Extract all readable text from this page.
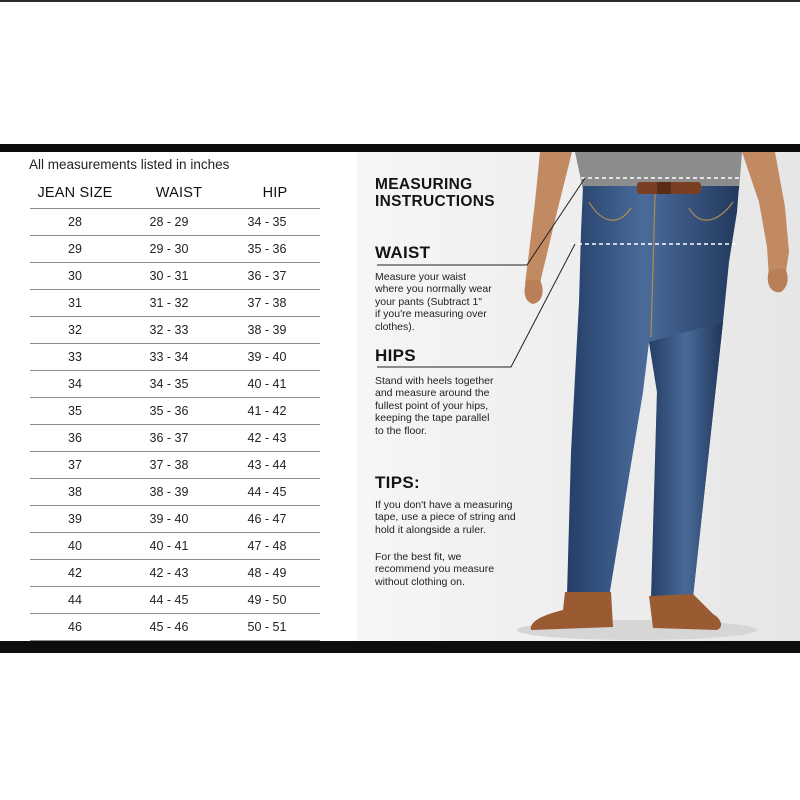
All measurements listed in inches
JEAN SIZE	WAIST	HIP
28	28 - 29	34 - 35
29	29 - 30	35 - 36
30	30 - 31	36 - 37
31	31 - 32	37 - 38
32	32 - 33	38 - 39
33	33 - 34	39 - 40
34	34 - 35	40 - 41
35	35 - 36	41 - 42
36	36 - 37	42 - 43
37	37 - 38	43 - 44
38	38 - 39	44 - 45
39	39 - 40	46 - 47
40	40 - 41	47 - 48
42	42 - 43	48 - 49
44	44 - 45	49 - 50
46	45 - 46	50 - 51
MEASURING
INSTRUCTIONS
WAIST
Measure your waist
where you normally wear
your pants (Subtract 1"
if you're measuring over
clothes).
HIPS
Stand with heels together
and measure around the
fullest point of your hips,
keeping the tape parallel
to the floor.
TIPS:
If you don't have a measuring
tape, use a piece of string and
hold it alongside a ruler.
For the best fit, we
recommend you measure
without clothing on.
